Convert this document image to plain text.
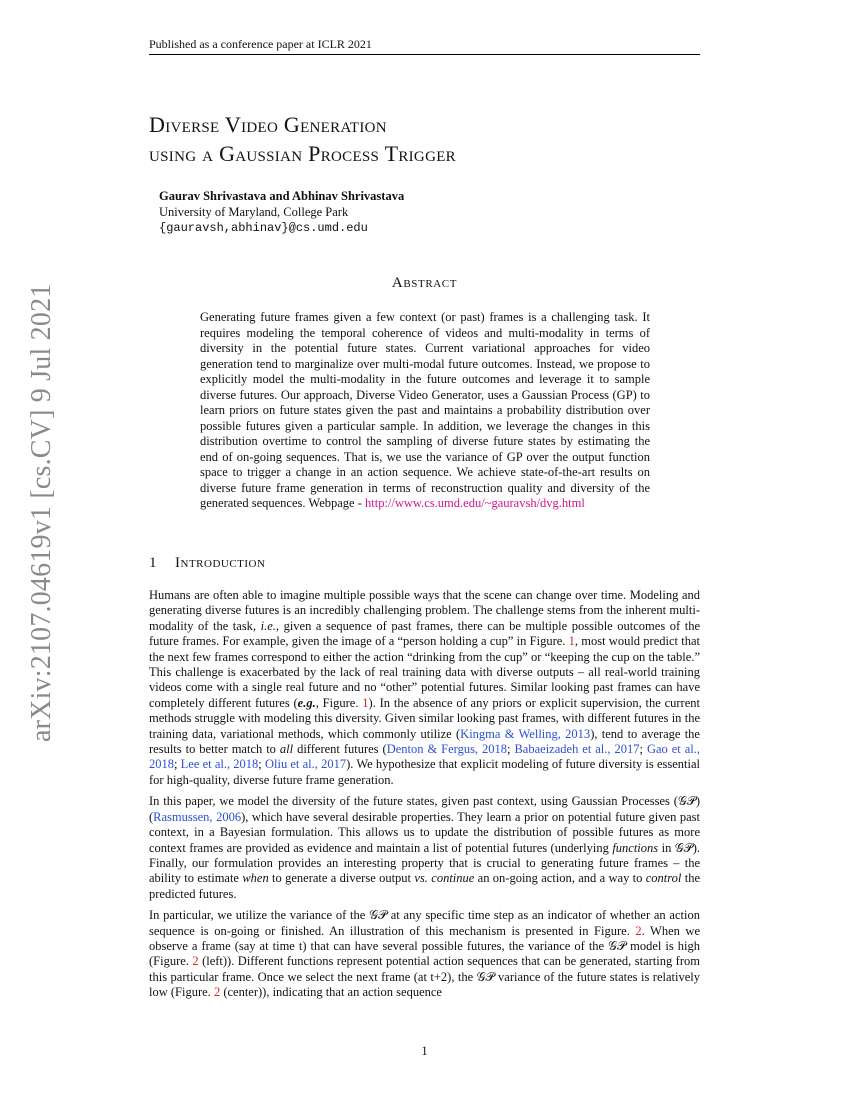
Published as a conference paper at ICLR 2021
arXiv:2107.04619v1 [cs.CV] 9 Jul 2021
Diverse Video Generation
using a Gaussian Process Trigger
Gaurav Shrivastava and Abhinav Shrivastava
University of Maryland, College Park
{gauravsh,abhinav}@cs.umd.edu
Abstract
Generating future frames given a few context (or past) frames is a challenging task. It requires modeling the temporal coherence of videos and multi-modality in terms of diversity in the potential future states. Current variational approaches for video generation tend to marginalize over multi-modal future outcomes. Instead, we propose to explicitly model the multi-modality in the future outcomes and leverage it to sample diverse futures. Our approach, Diverse Video Generator, uses a Gaussian Process (GP) to learn priors on future states given the past and maintains a probability distribution over possible futures given a particular sample. In addition, we leverage the changes in this distribution overtime to control the sampling of diverse future states by estimating the end of on-going sequences. That is, we use the variance of GP over the output function space to trigger a change in an action sequence. We achieve state-of-the-art results on diverse future frame generation in terms of reconstruction quality and diversity of the generated sequences. Webpage - http://www.cs.umd.edu/~gauravsh/dvg.html
1 Introduction

Humans are often able to imagine multiple possible ways that the scene can change over time. Modeling and generating diverse futures is an incredibly challenging problem. The challenge stems from the inherent multi-modality of the task, i.e., given a sequence of past frames, there can be multiple possible outcomes of the future frames. For example, given the image of a “person holding a cup” in Figure. 1, most would predict that the next few frames correspond to either the action “drinking from the cup” or “keeping the cup on the table.” This challenge is exacerbated by the lack of real training data with diverse outputs – all real-world training videos come with a single real future and no “other” potential futures. Similar looking past frames can have completely different futures (e.g., Figure. 1). In the absence of any priors or explicit supervision, the current methods struggle with modeling this diversity. Given similar looking past frames, with different futures in the training data, variational methods, which commonly utilize (Kingma & Welling, 2013), tend to average the results to better match to all different futures (Denton & Fergus, 2018; Babaeizadeh et al., 2017; Gao et al., 2018; Lee et al., 2018; Oliu et al., 2017). We hypothesize that explicit modeling of future diversity is essential for high-quality, diverse future frame generation.

In this paper, we model the diversity of the future states, given past context, using Gaussian Processes (𝒢𝒫) (Rasmussen, 2006), which have several desirable properties. They learn a prior on potential future given past context, in a Bayesian formulation. This allows us to update the distribution of possible futures as more context frames are provided as evidence and maintain a list of potential futures (underlying functions in 𝒢𝒫). Finally, our formulation provides an interesting property that is crucial to generating future frames – the ability to estimate when to generate a diverse output vs. continue an on-going action, and a way to control the predicted futures.

In particular, we utilize the variance of the 𝒢𝒫 at any specific time step as an indicator of whether an action sequence is on-going or finished. An illustration of this mechanism is presented in Figure. 2. When we observe a frame (say at time t) that can have several possible futures, the variance of the 𝒢𝒫 model is high (Figure. 2 (left)). Different functions represent potential action sequences that can be generated, starting from this particular frame. Once we select the next frame (at t+2), the 𝒢𝒫 variance of the future states is relatively low (Figure. 2 (center)), indicating that an action sequence

1
